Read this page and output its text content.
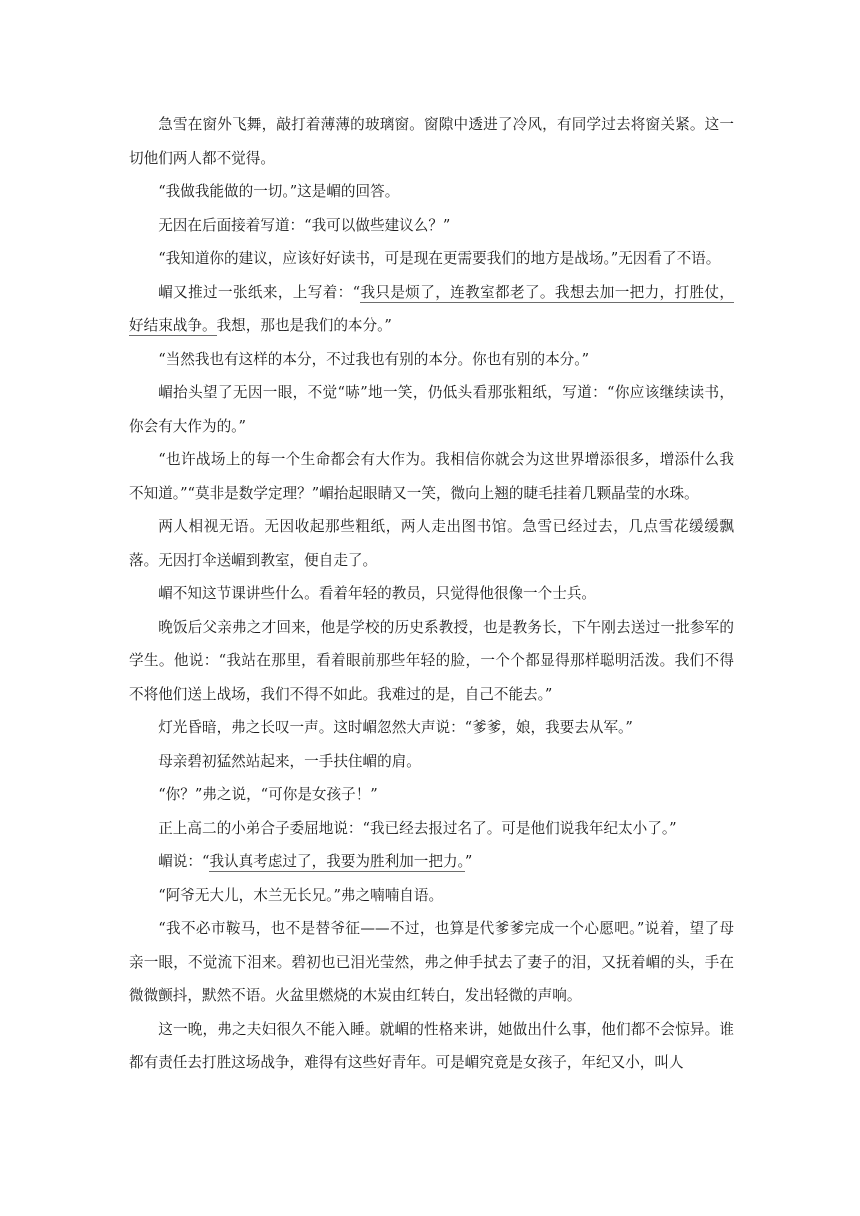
急雪在窗外飞舞，敲打着薄薄的玻璃窗。窗隙中透进了冷风，有同学过去将窗关紧。这一切他们两人都不觉得。

“我做我能做的一切。”这是嵋的回答。

无因在后面接着写道：“我可以做些建议么？”

“我知道你的建议，应该好好读书，可是现在更需要我们的地方是战场。”无因看了不语。

嵋又推过一张纸来，上写着：“我只是烦了，连教室都老了。我想去加一把力，打胜仗，好结束战争。我想，那也是我们的本分。”

“当然我也有这样的本分，不过我也有别的本分。你也有别的本分。”

嵋抬头望了无因一眼，不觉“哧”地一笑，仍低头看那张粗纸，写道：“你应该继续读书，你会有大作为的。”

“也许战场上的每一个生命都会有大作为。我相信你就会为这世界增添很多，增添什么我不知道。”“莫非是数学定理？”嵋抬起眼睛又一笑，微向上翘的睫毛挂着几颗晶莹的水珠。

两人相视无语。无因收起那些粗纸，两人走出图书馆。急雪已经过去，几点雪花缓缓飘落。无因打伞送嵋到教室，便自走了。

嵋不知这节课讲些什么。看着年轻的教员，只觉得他很像一个士兵。

晚饭后父亲弗之才回来，他是学校的历史系教授，也是教务长，下午刚去送过一批参军的学生。他说：“我站在那里，看着眼前那些年轻的脸，一个个都显得那样聪明活泼。我们不得不将他们送上战场，我们不得不如此。我难过的是，自己不能去。”

灯光昏暗，弗之长叹一声。这时嵋忽然大声说：“爹爹，娘，我要去从军。”

母亲碧初猛然站起来，一手扶住嵋的肩。

“你？”弗之说，“可你是女孩子！”

正上高二的小弟合子委屈地说：“我已经去报过名了。可是他们说我年纪太小了。”

嵋说：“我认真考虑过了，我要为胜利加一把力。”

“阿爷无大儿，木兰无长兄。”弗之喃喃自语。

“我不必市鞍马，也不是替爷征——不过，也算是代爹爹完成一个心愿吧。”说着，望了母亲一眼，不觉流下泪来。碧初也已泪光莹然，弗之伸手拭去了妻子的泪，又抚着嵋的头，手在微微颤抖，默然不语。火盆里燃烧的木炭由红转白，发出轻微的声响。

这一晚，弗之夫妇很久不能入睡。就嵋的性格来讲，她做出什么事，他们都不会惊异。谁都有责任去打胜这场战争，难得有这些好青年。可是嵋究竟是女孩子，年纪又小，叫人
